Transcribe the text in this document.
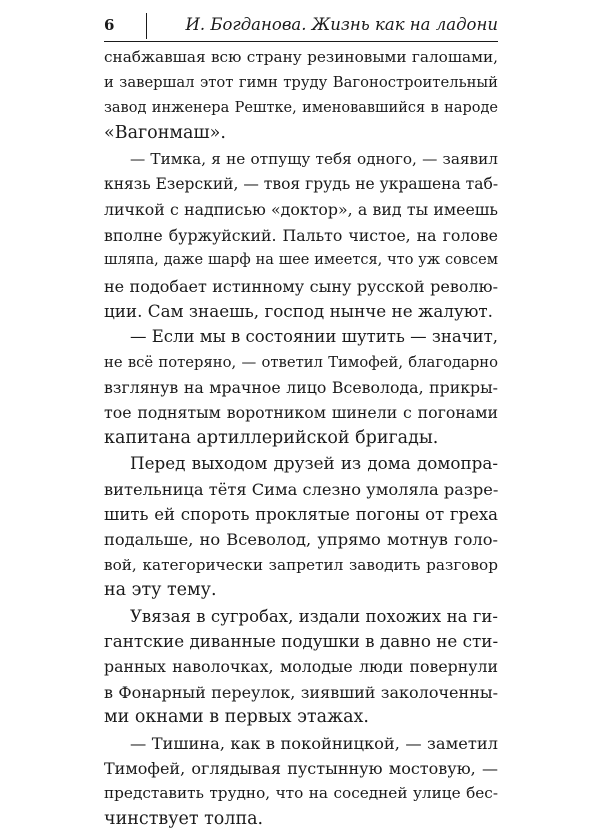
6	И. Богданова. Жизнь как на ладони
снабжавшая всю страну резиновыми галошами,
и завершал этот гимн труду Вагоностроительный
завод инженера Рештке, именовавшийся в народе
«Вагонмаш».
— Тимка, я не отпущу тебя одного, — заявил
князь Езерский, — твоя грудь не украшена таб-
личкой с надписью «доктор», а вид ты имеешь
вполне буржуйский. Пальто чистое, на голове
шляпа, даже шарф на шее имеется, что уж совсем
не подобает истинному сыну русской револю-
ции. Сам знаешь, господ нынче не жалуют.
— Если мы в состоянии шутить — значит,
не всё потеряно, — ответил Тимофей, благодарно
взглянув на мрачное лицо Всеволода, прикры-
тое поднятым воротником шинели с погонами
капитана артиллерийской бригады.
Перед выходом друзей из дома домопра-
вительница тётя Сима слезно умоляла разре-
шить ей спороть проклятые погоны от греха
подальше, но Всеволод, упрямо мотнув голо-
вой, категорически запретил заводить разговор
на эту тему.
Увязая в сугробах, издали похожих на ги-
гантские диванные подушки в давно не сти-
ранных наволочках, молодые люди повернули
в Фонарный переулок, зиявший заколоченны-
ми окнами в первых этажах.
— Тишина, как в покойницкой, — заметил
Тимофей, оглядывая пустынную мостовую, —
представить трудно, что на соседней улице бес-
чинствует толпа.
